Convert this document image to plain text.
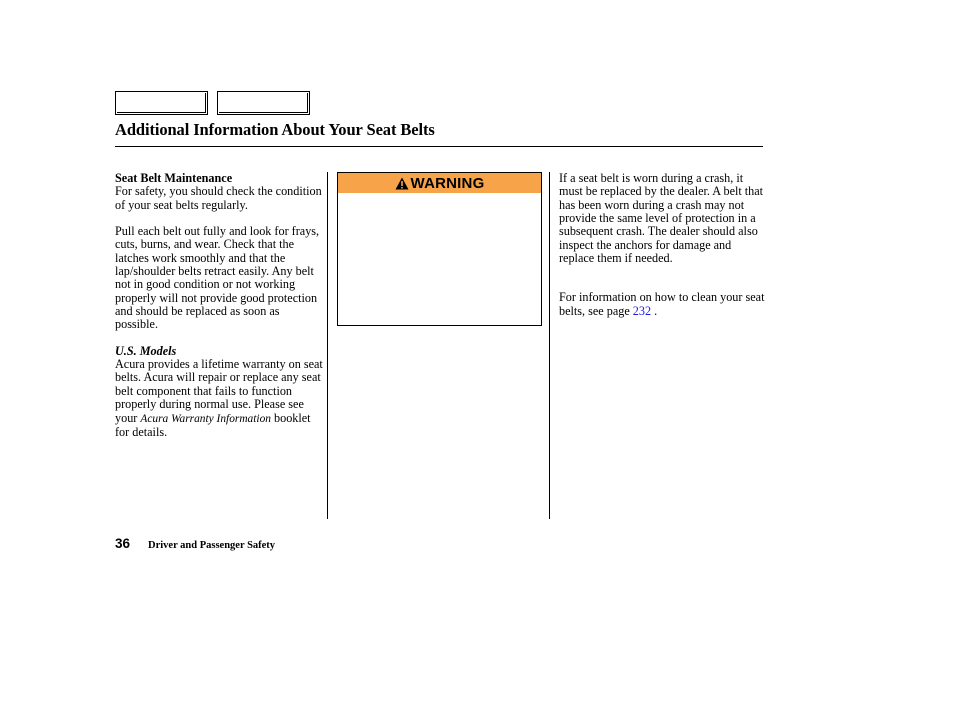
Additional Information About Your Seat Belts

Seat Belt Maintenance

For safety, you should check the condition of your seat belts regularly.

Pull each belt out fully and look for frays, cuts, burns, and wear. Check that the latches work smoothly and that the lap/shoulder belts retract easily. Any belt not in good condition or not working properly will not provide good protection and should be replaced as soon as possible.

U.S. Models

Acura provides a lifetime warranty on seat belts. Acura will repair or replace any seat belt component that fails to function properly during normal use. Please see your Acura Warranty Information booklet for details.

WARNING	If a seat belt is worn during a crash, it must be replaced by the dealer. A belt that has been worn during a crash may not provide the same level of protection in a subsequent crash. The dealer should also inspect the anchors for damage and replace them if needed.

For information on how to clean your seat belts, see page 232 .

36 Driver and Passenger Safety
